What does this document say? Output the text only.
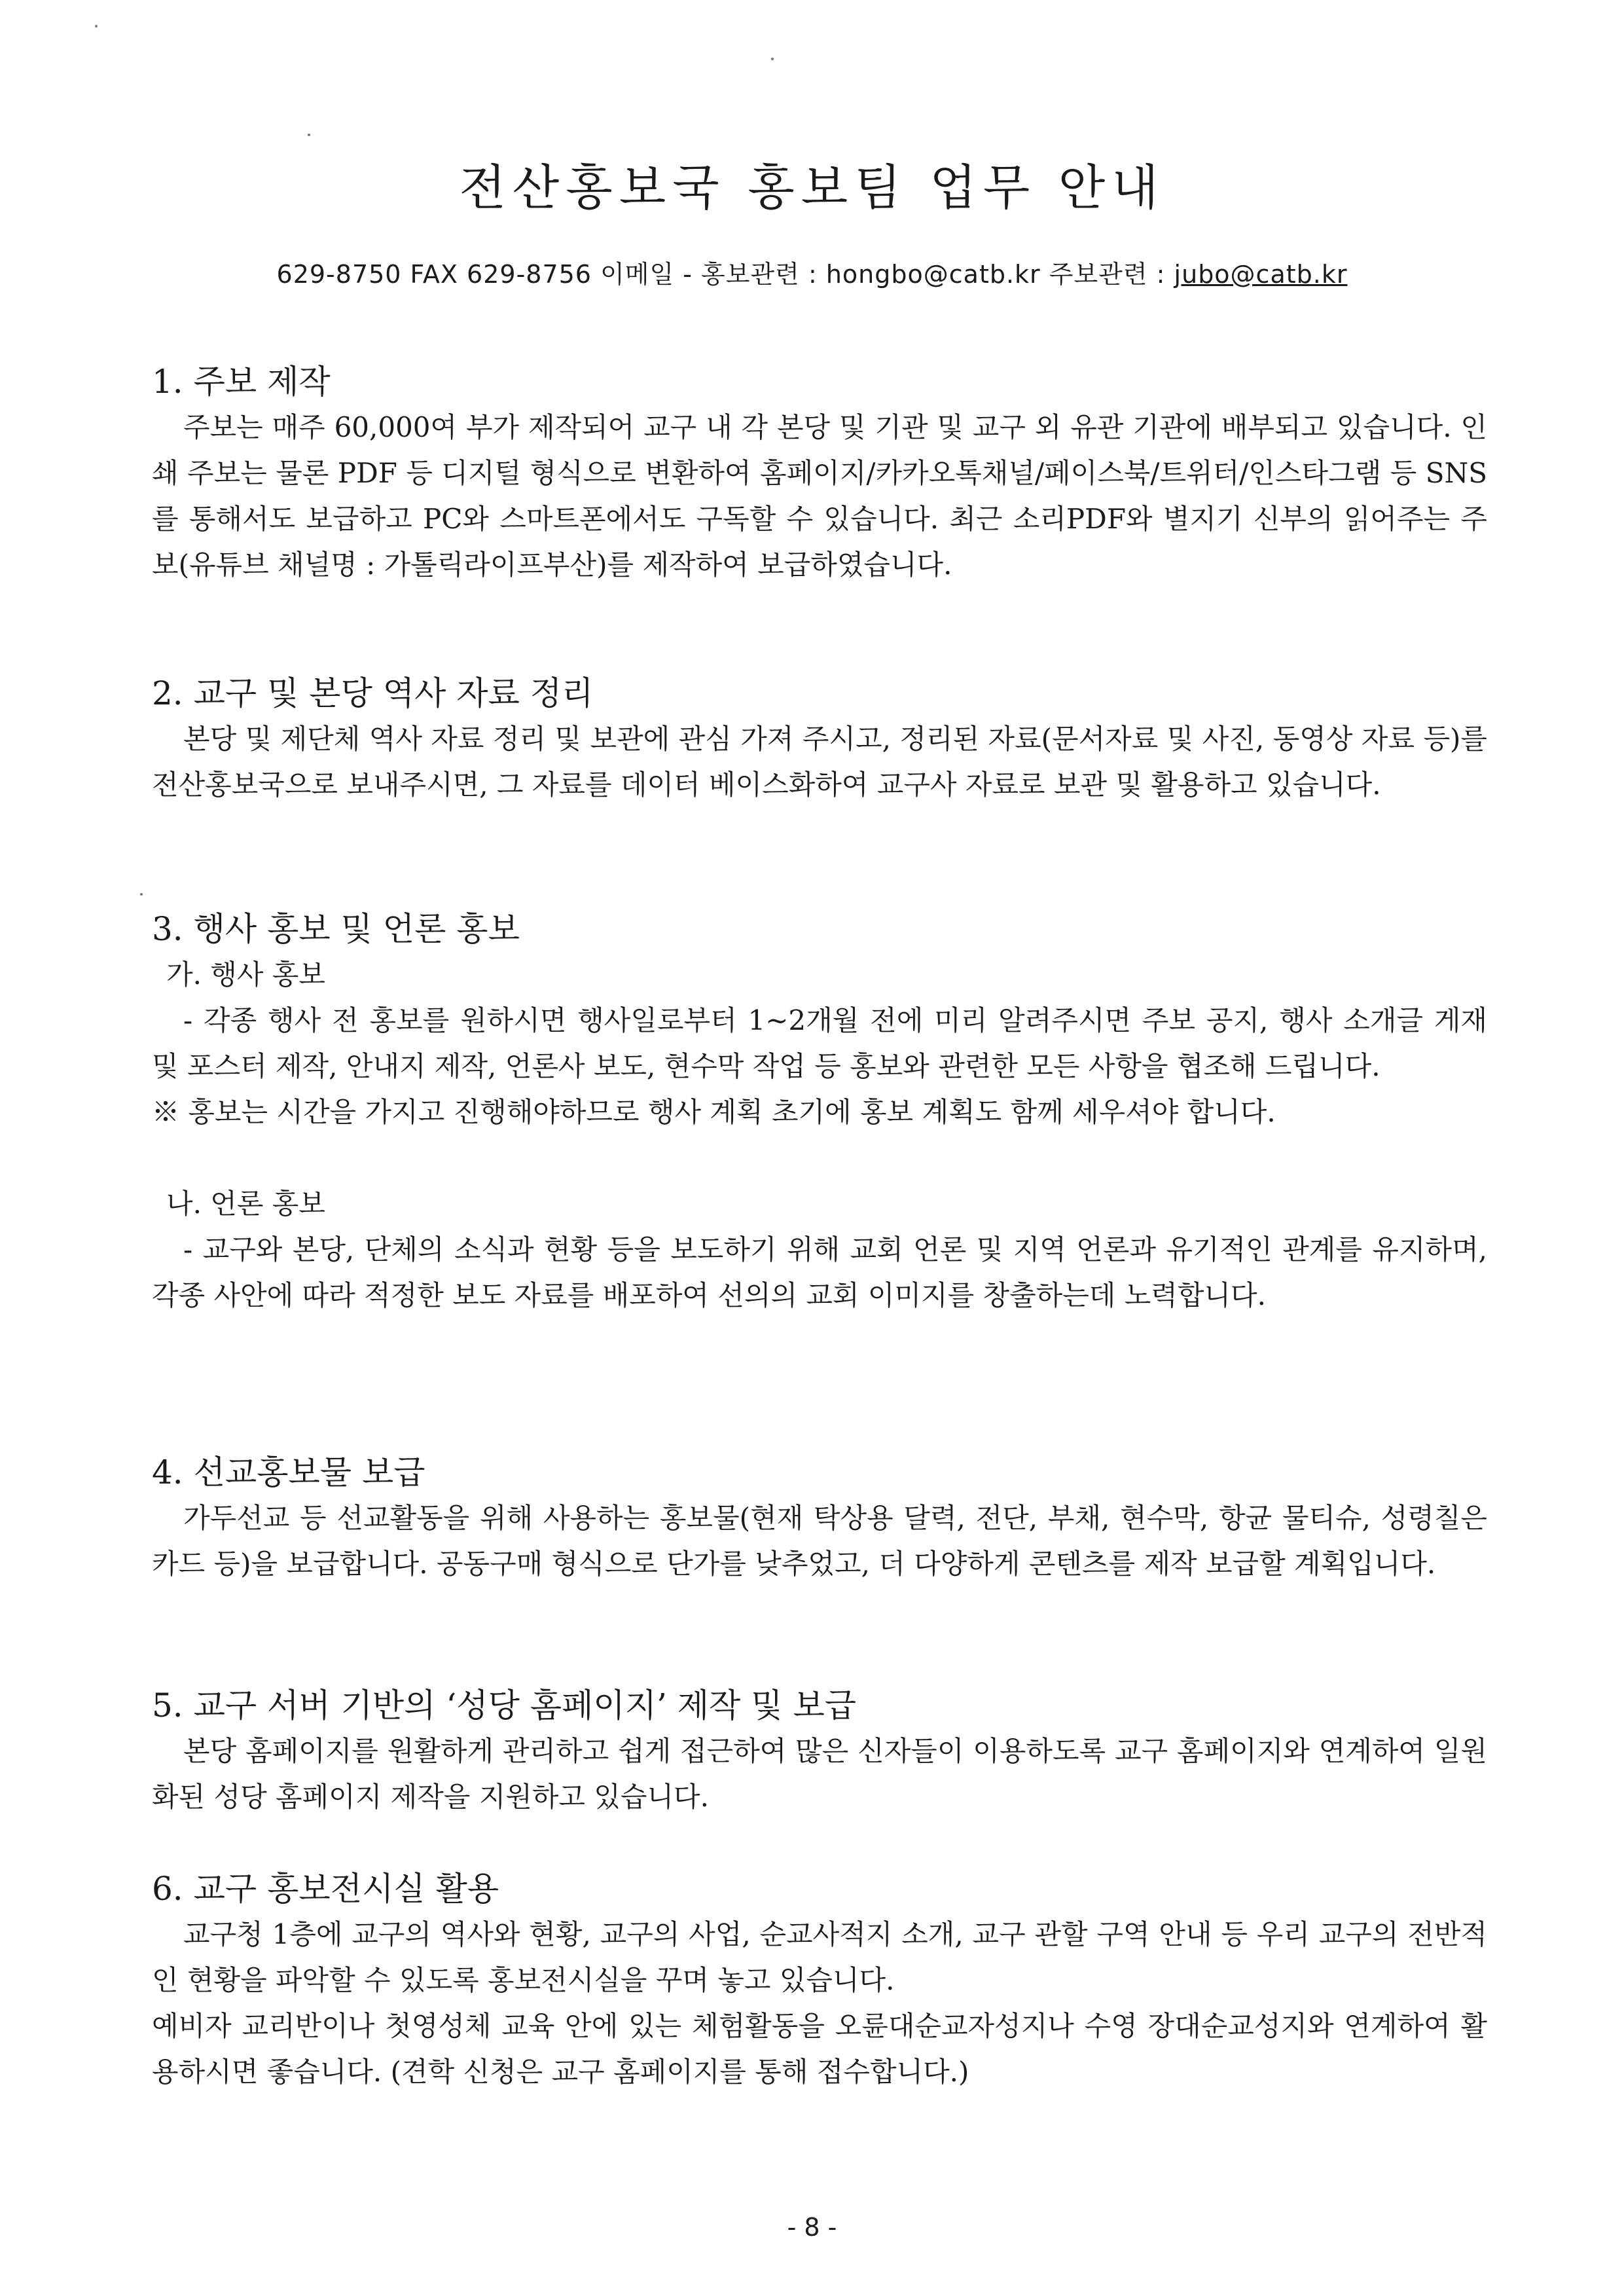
전산홍보국 홍보팀 업무 안내
629-8750 FAX 629-8756 이메일 - 홍보관련 : hongbo@catb.kr 주보관련 : jubo@catb.kr
1. 주보 제작

주보는 매주 60,000여 부가 제작되어 교구 내 각 본당 및 기관 및 교구 외 유관 기관에 배부되고 있습니다. 인쇄 주보는 물론 PDF 등 디지털 형식으로 변환하여 홈페이지/카카오톡채널/페이스북/트위터/인스타그램 등 SNS를 통해서도 보급하고 PC와 스마트폰에서도 구독할 수 있습니다. 최근 소리PDF와 별지기 신부의 읽어주는 주보(유튜브 채널명 : 가톨릭라이프부산)를 제작하여 보급하였습니다.

2. 교구 및 본당 역사 자료 정리

본당 및 제단체 역사 자료 정리 및 보관에 관심 가져 주시고, 정리된 자료(문서자료 및 사진, 동영상 자료 등)를 전산홍보국으로 보내주시면, 그 자료를 데이터 베이스화하여 교구사 자료로 보관 및 활용하고 있습니다.

3. 행사 홍보 및 언론 홍보

가. 행사 홍보

- 각종 행사 전 홍보를 원하시면 행사일로부터 1~2개월 전에 미리 알려주시면 주보 공지, 행사 소개글 게재 및 포스터 제작, 안내지 제작, 언론사 보도, 현수막 작업 등 홍보와 관련한 모든 사항을 협조해 드립니다.

※ 홍보는 시간을 가지고 진행해야하므로 행사 계획 초기에 홍보 계획도 함께 세우셔야 합니다.

나. 언론 홍보

- 교구와 본당, 단체의 소식과 현황 등을 보도하기 위해 교회 언론 및 지역 언론과 유기적인 관계를 유지하며, 각종 사안에 따라 적정한 보도 자료를 배포하여 선의의 교회 이미지를 창출하는데 노력합니다.

4. 선교홍보물 보급

가두선교 등 선교활동을 위해 사용하는 홍보물(현재 탁상용 달력, 전단, 부채, 현수막, 항균 물티슈, 성령칠은카드 등)을 보급합니다. 공동구매 형식으로 단가를 낮추었고, 더 다양하게 콘텐츠를 제작 보급할 계획입니다.

5. 교구 서버 기반의 ‘성당 홈페이지’ 제작 및 보급

본당 홈페이지를 원활하게 관리하고 쉽게 접근하여 많은 신자들이 이용하도록 교구 홈페이지와 연계하여 일원화된 성당 홈페이지 제작을 지원하고 있습니다.

6. 교구 홍보전시실 활용

교구청 1층에 교구의 역사와 현황, 교구의 사업, 순교사적지 소개, 교구 관할 구역 안내 등 우리 교구의 전반적인 현황을 파악할 수 있도록 홍보전시실을 꾸며 놓고 있습니다.

예비자 교리반이나 첫영성체 교육 안에 있는 체험활동을 오륜대순교자성지나 수영 장대순교성지와 연계하여 활용하시면 좋습니다. (견학 신청은 교구 홈페이지를 통해 접수합니다.)

- 8 -
